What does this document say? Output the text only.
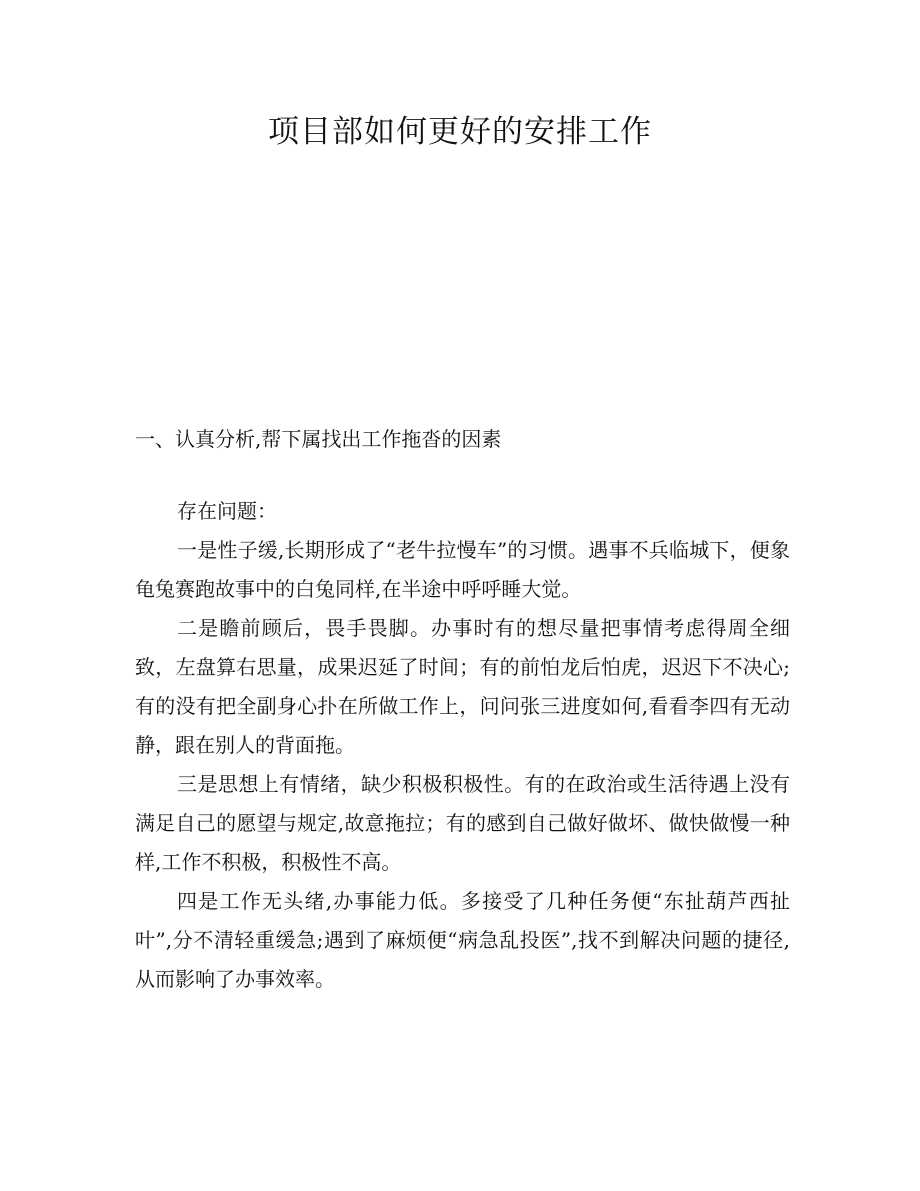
项目部如何更好的安排工作
一、认真分析,帮下属找出工作拖沓的因素

存在问题：

一是性子缓,长期形成了“老牛拉慢车”的习惯。遇事不兵临城下，便象龟兔赛跑故事中的白兔同样,在半途中呼呼睡大觉。

二是瞻前顾后，畏手畏脚。办事时有的想尽量把事情考虑得周全细致，左盘算右思量，成果迟延了时间；有的前怕龙后怕虎，迟迟下不决心;有的没有把全副身心扑在所做工作上，问问张三进度如何,看看李四有无动静，跟在别人的背面拖。

三是思想上有情绪，缺少积极积极性。有的在政治或生活待遇上没有满足自己的愿望与规定,故意拖拉；有的感到自己做好做坏、做快做慢一种样,工作不积极，积极性不高。

四是工作无头绪,办事能力低。多接受了几种任务便“东扯葫芦西扯叶”,分不清轻重缓急;遇到了麻烦便“病急乱投医”,找不到解决问题的捷径,从而影响了办事效率。
